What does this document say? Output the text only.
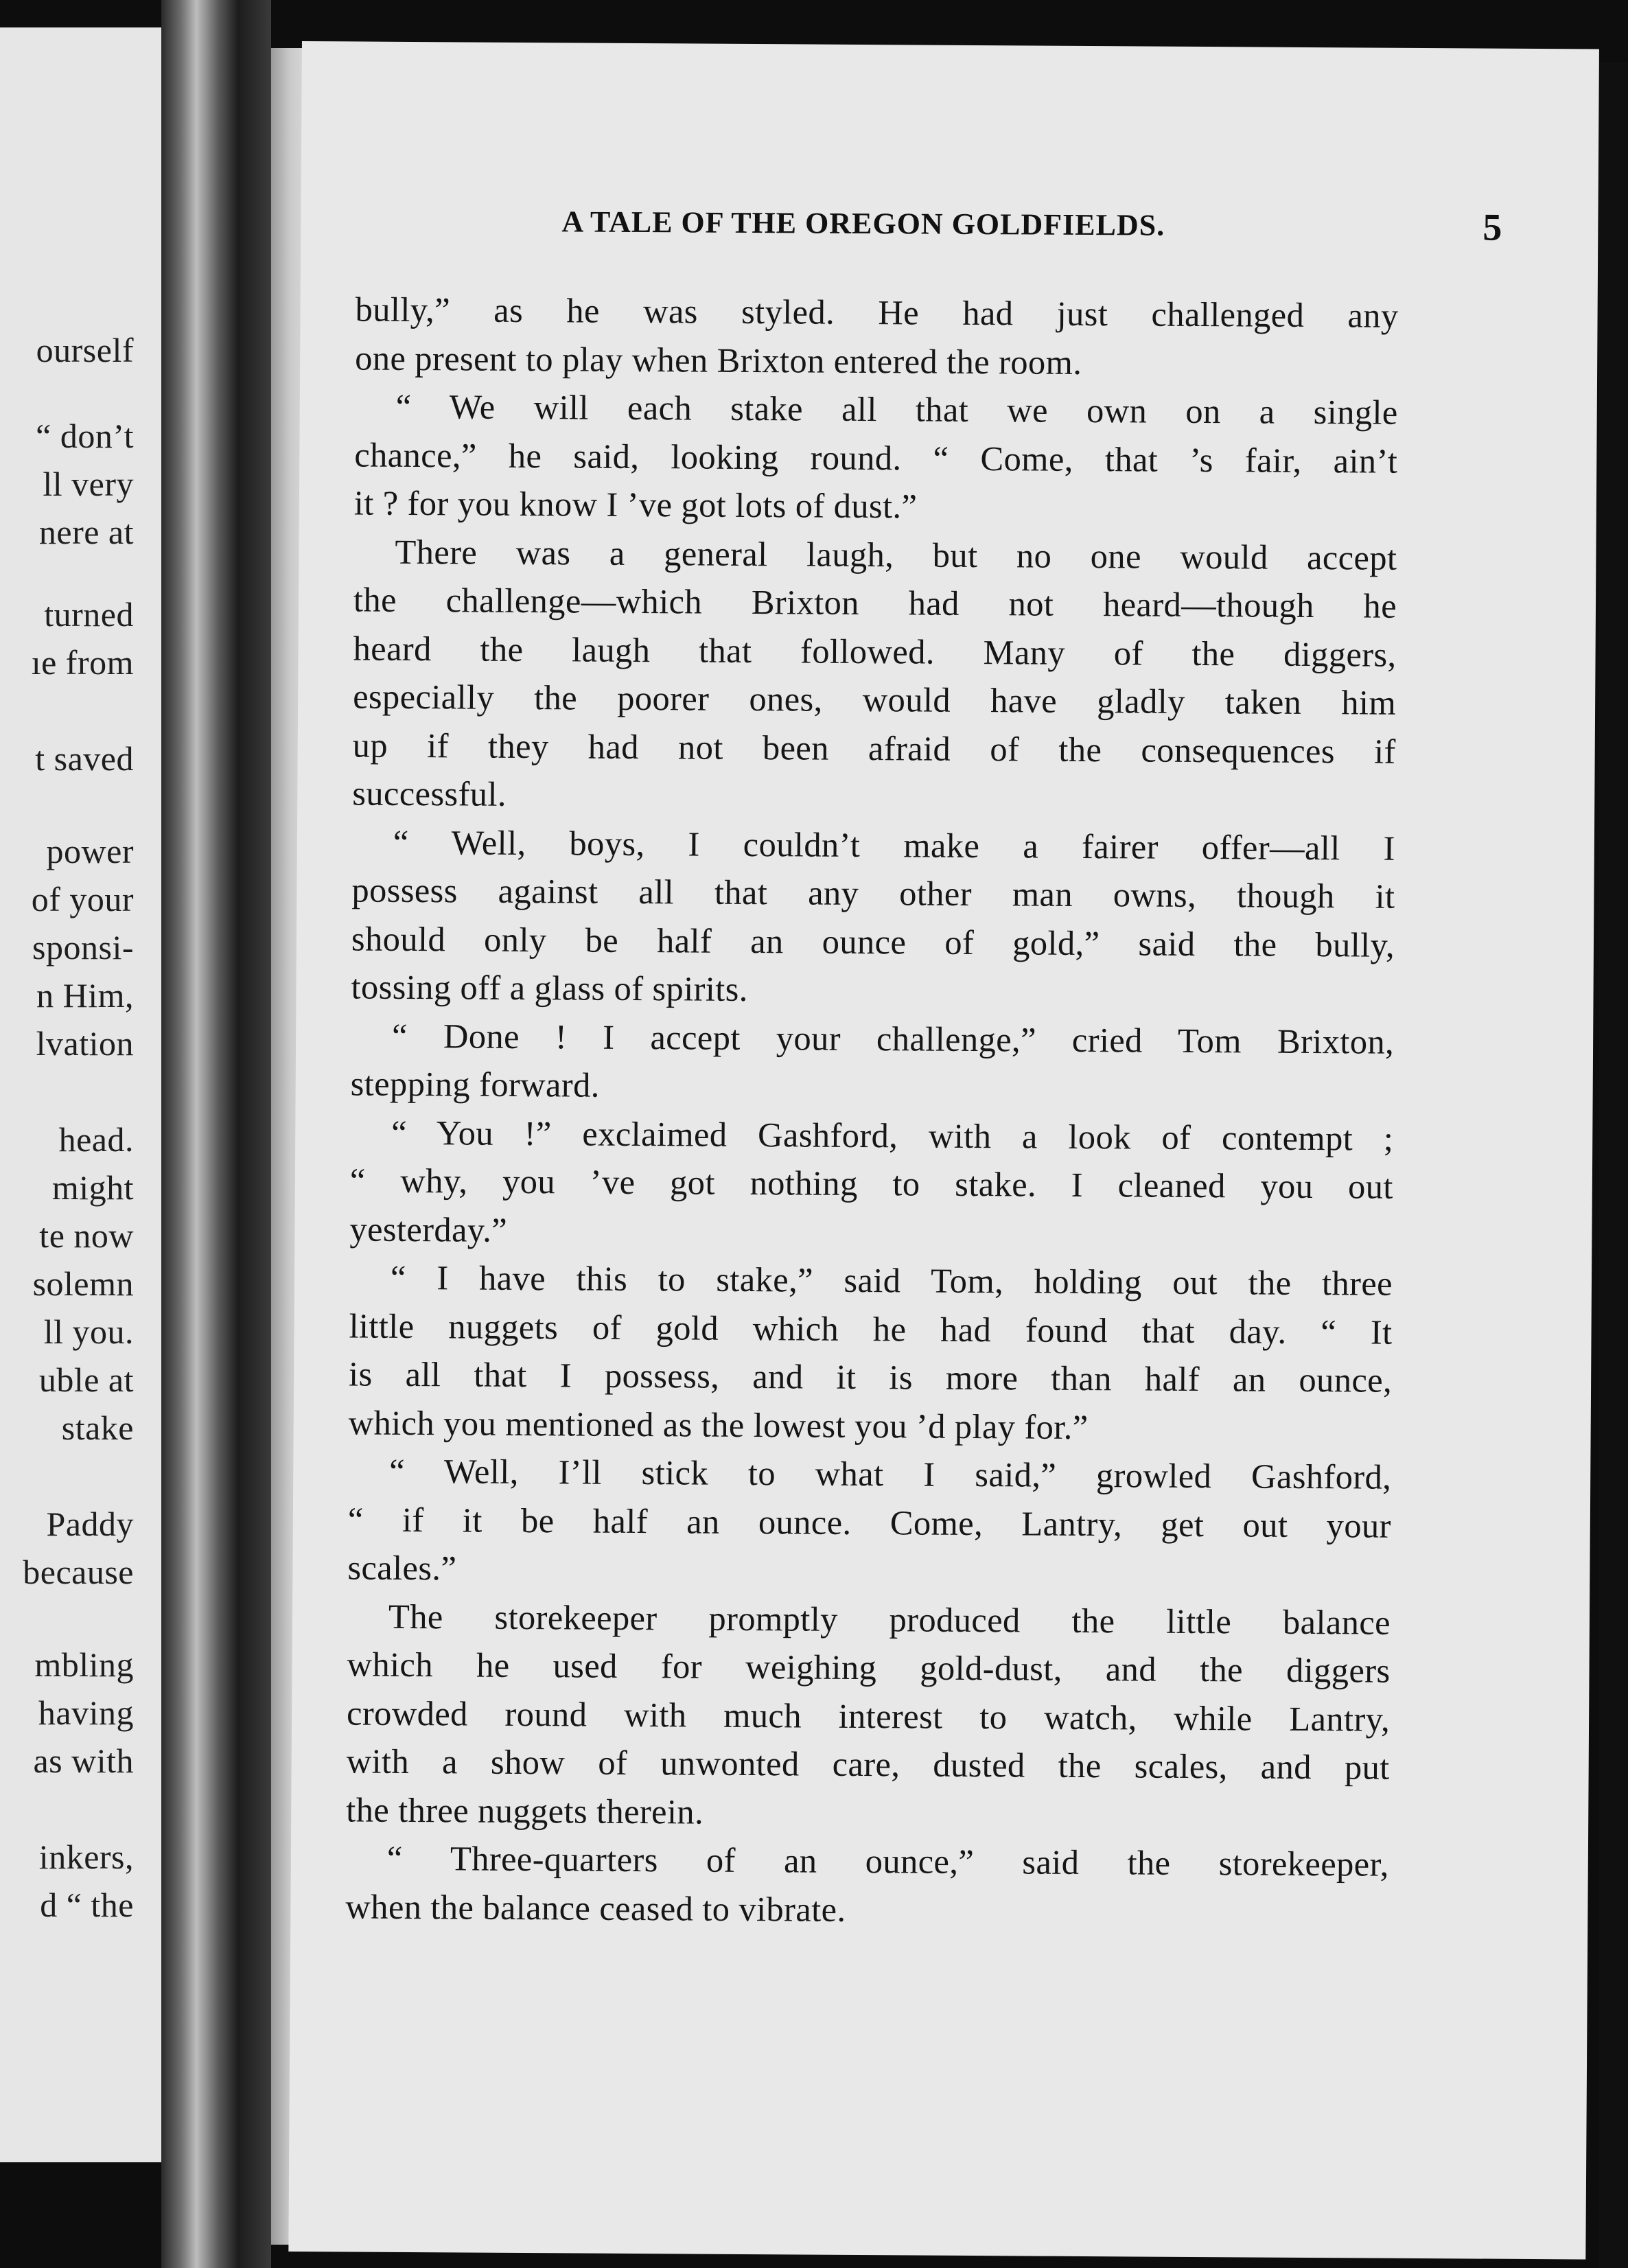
ourself
“ don’t
ll very
nere at
turned
ıe from
t saved
power
of your
sponsi-
n Him,
lvation
head.
might
te now
solemn
ll you.
uble at
stake
Paddy
because
mbling
having
as with
inkers,
d “ the
A TALE OF THE OREGON GOLDFIELDS.	5
bully,” as he was styled. He had just challenged any
one present to play when Brixton entered the room.
“ We will each stake all that we own on a single
chance,” he said, looking round. “ Come, that ’s fair, ain’t
it ? for you know I ’ve got lots of dust.”
There was a general laugh, but no one would accept
the challenge—which Brixton had not heard—though he
heard the laugh that followed. Many of the diggers,
especially the poorer ones, would have gladly taken him
up if they had not been afraid of the consequences if
successful.
“ Well, boys, I couldn’t make a fairer offer—all I
possess against all that any other man owns, though it
should only be half an ounce of gold,” said the bully,
tossing off a glass of spirits.
“ Done ! I accept your challenge,” cried Tom Brixton,
stepping forward.
“ You !” exclaimed Gashford, with a look of contempt ;
“ why, you ’ve got nothing to stake. I cleaned you out
yesterday.”
“ I have this to stake,” said Tom, holding out the three
little nuggets of gold which he had found that day. “ It
is all that I possess, and it is more than half an ounce,
which you mentioned as the lowest you ’d play for.”
“ Well, I’ll stick to what I said,” growled Gashford,
“ if it be half an ounce. Come, Lantry, get out your
scales.”
The storekeeper promptly produced the little balance
which he used for weighing gold-dust, and the diggers
crowded round with much interest to watch, while Lantry,
with a show of unwonted care, dusted the scales, and put
the three nuggets therein.
“ Three-quarters of an ounce,” said the storekeeper,
when the balance ceased to vibrate.
